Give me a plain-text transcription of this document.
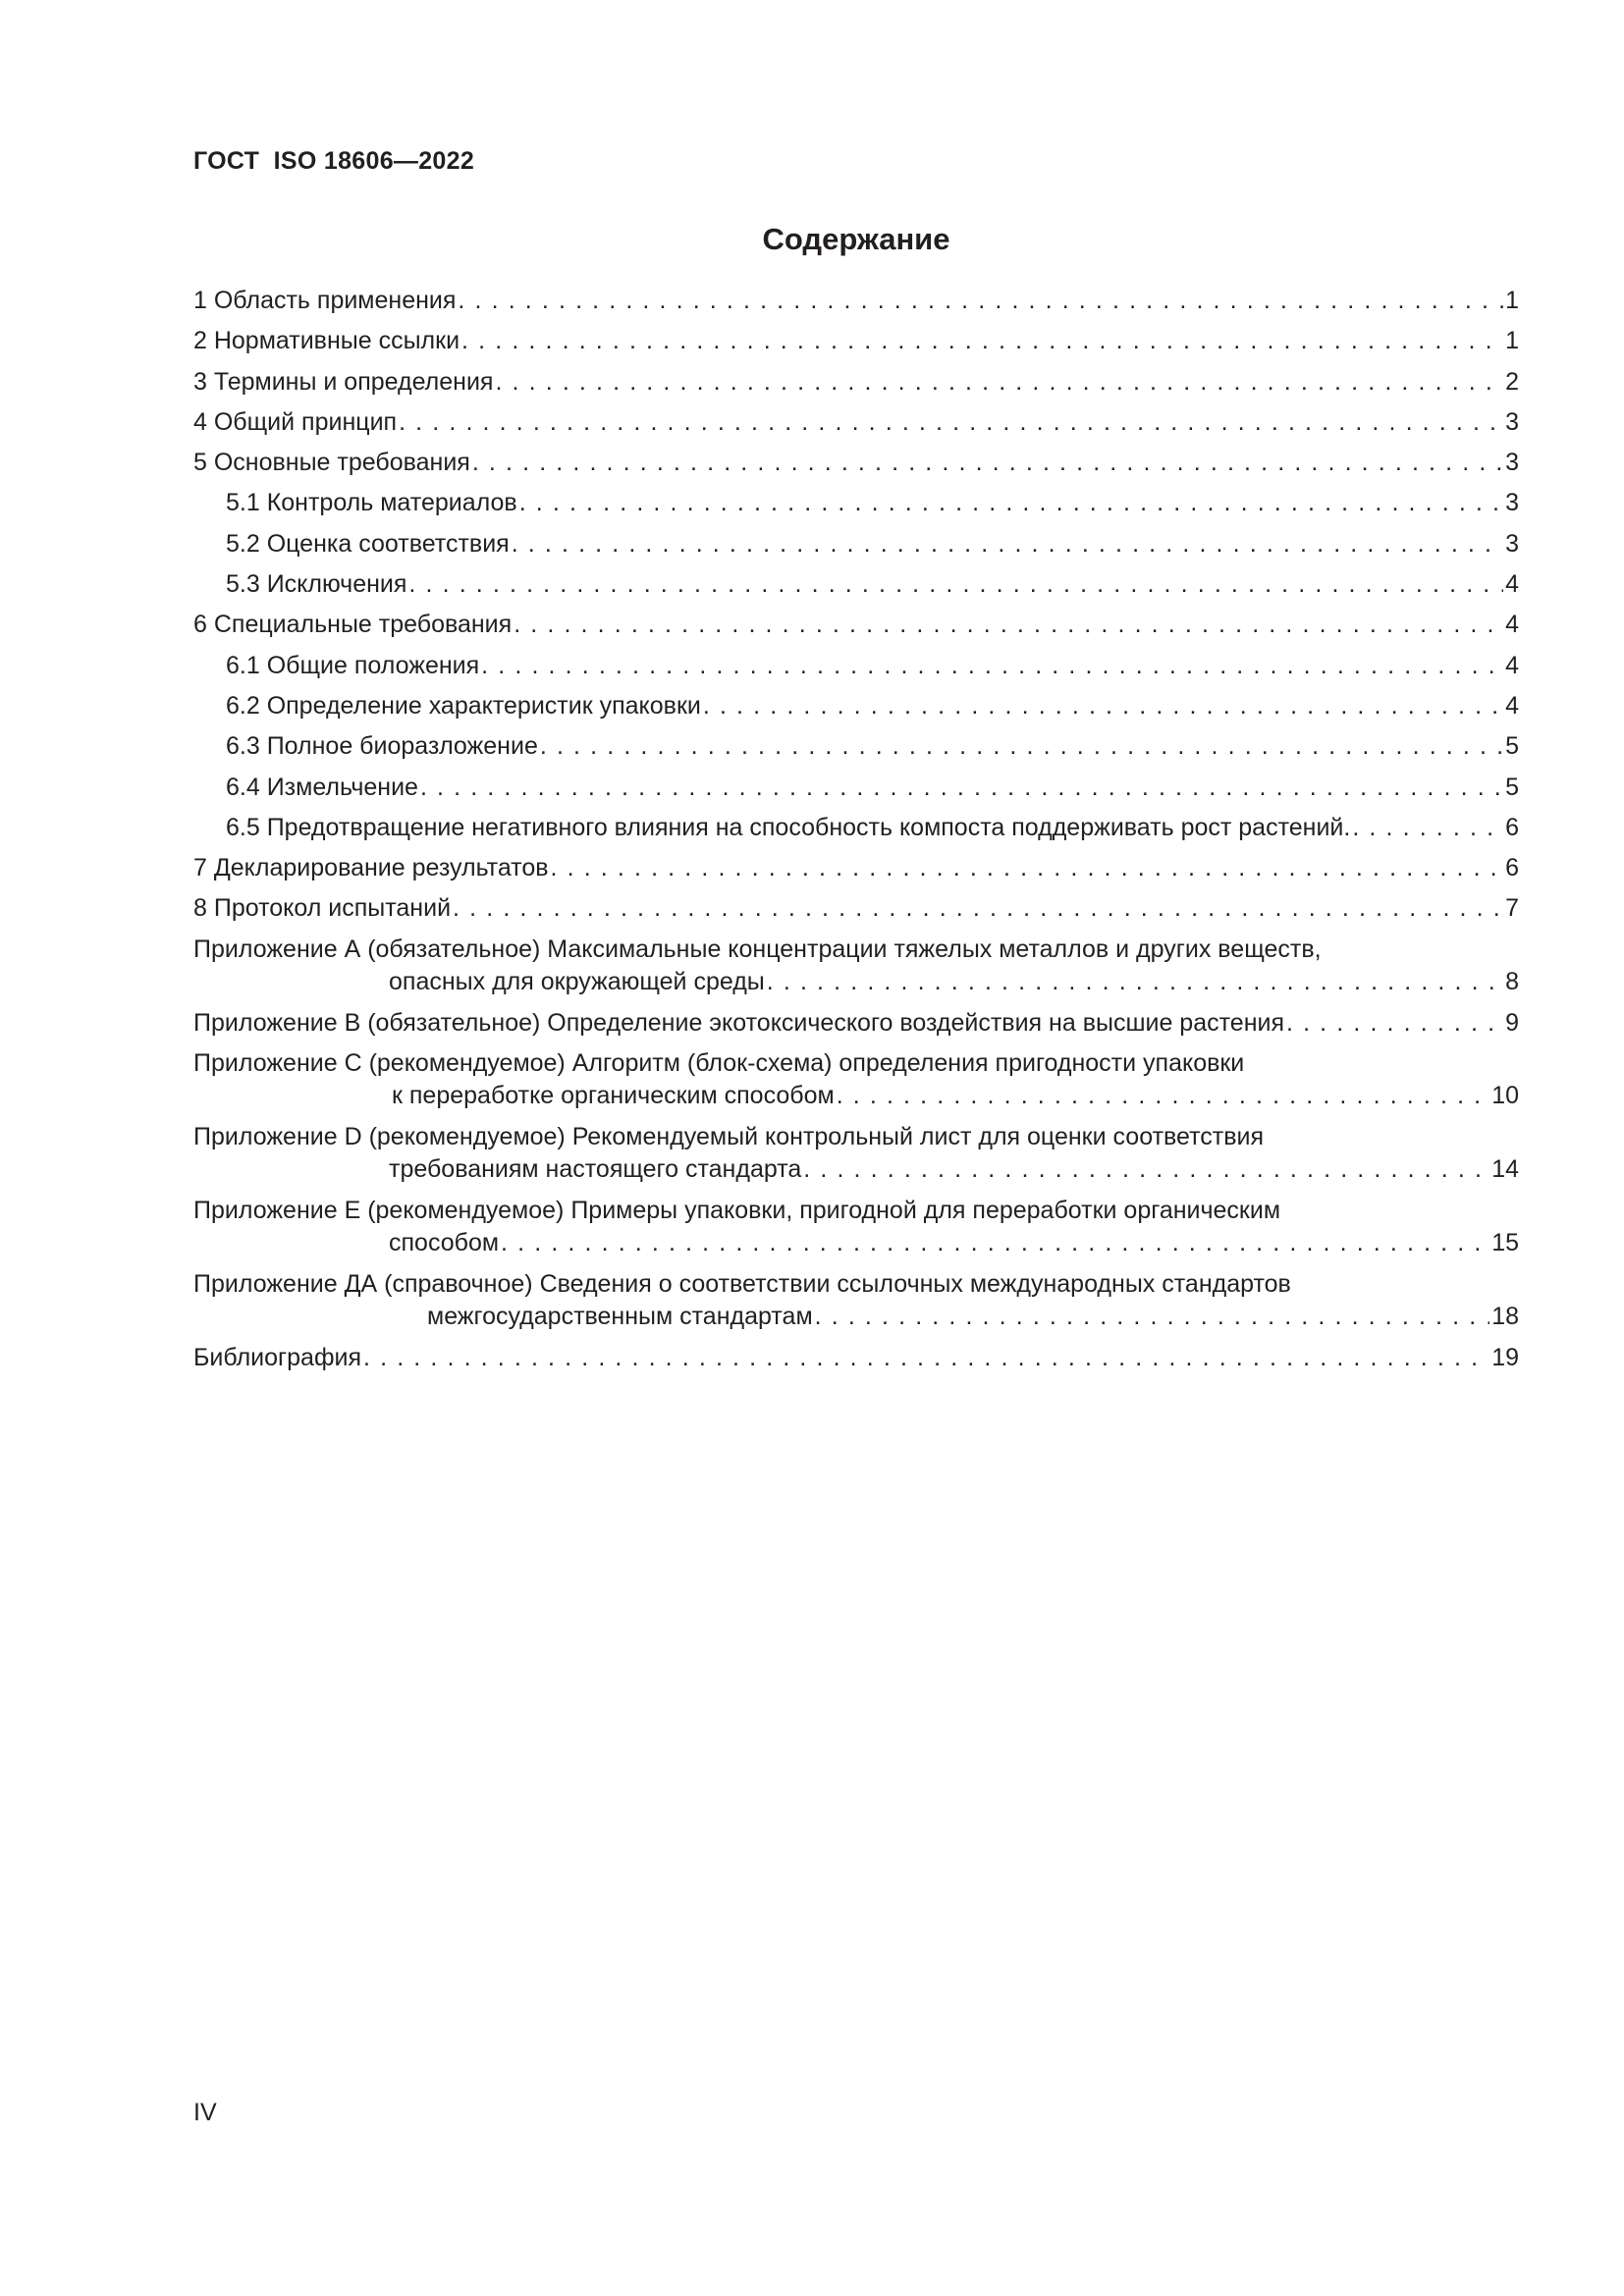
ГОСТ  ISO 18606—2022
Содержание
1 Область применения . . .	1
2 Нормативные ссылки . . .	1
3 Термины и определения . . .	2
4 Общий принцип . . .	3
5 Основные требования . . .	3
5.1 Контроль материалов . . .	3
5.2 Оценка соответствия . . .	3
5.3 Исключения . . .	4
6 Специальные требования . . .	4
6.1 Общие положения . . .	4
6.2 Определение характеристик упаковки . . .	4
6.3 Полное биоразложение . . .	5
6.4 Измельчение . . .	5
6.5 Предотвращение негативного влияния на способность компоста поддерживать рост растений. . . .	6
7 Декларирование результатов . . .	6
8 Протокол испытаний . . .	7
Приложение А (обязательное) Максимальные концентрации тяжелых металлов и других веществ,
опасных для окружающей среды . . .	8
Приложение В (обязательное) Определение экотоксического воздействия на высшие растения . . .	9
Приложение С (рекомендуемое) Алгоритм (блок-схема) определения пригодности упаковки
к переработке органическим способом . . .	10
Приложение D (рекомендуемое) Рекомендуемый контрольный лист для оценки соответствия
требованиям настоящего стандарта . . .	14
Приложение Е (рекомендуемое) Примеры упаковки, пригодной для переработки органическим
способом . . .	15
Приложение ДА (справочное) Сведения о соответствии ссылочных международных стандартов
межгосударственным стандартам . . .	18
Библиография . . .	19
IV
